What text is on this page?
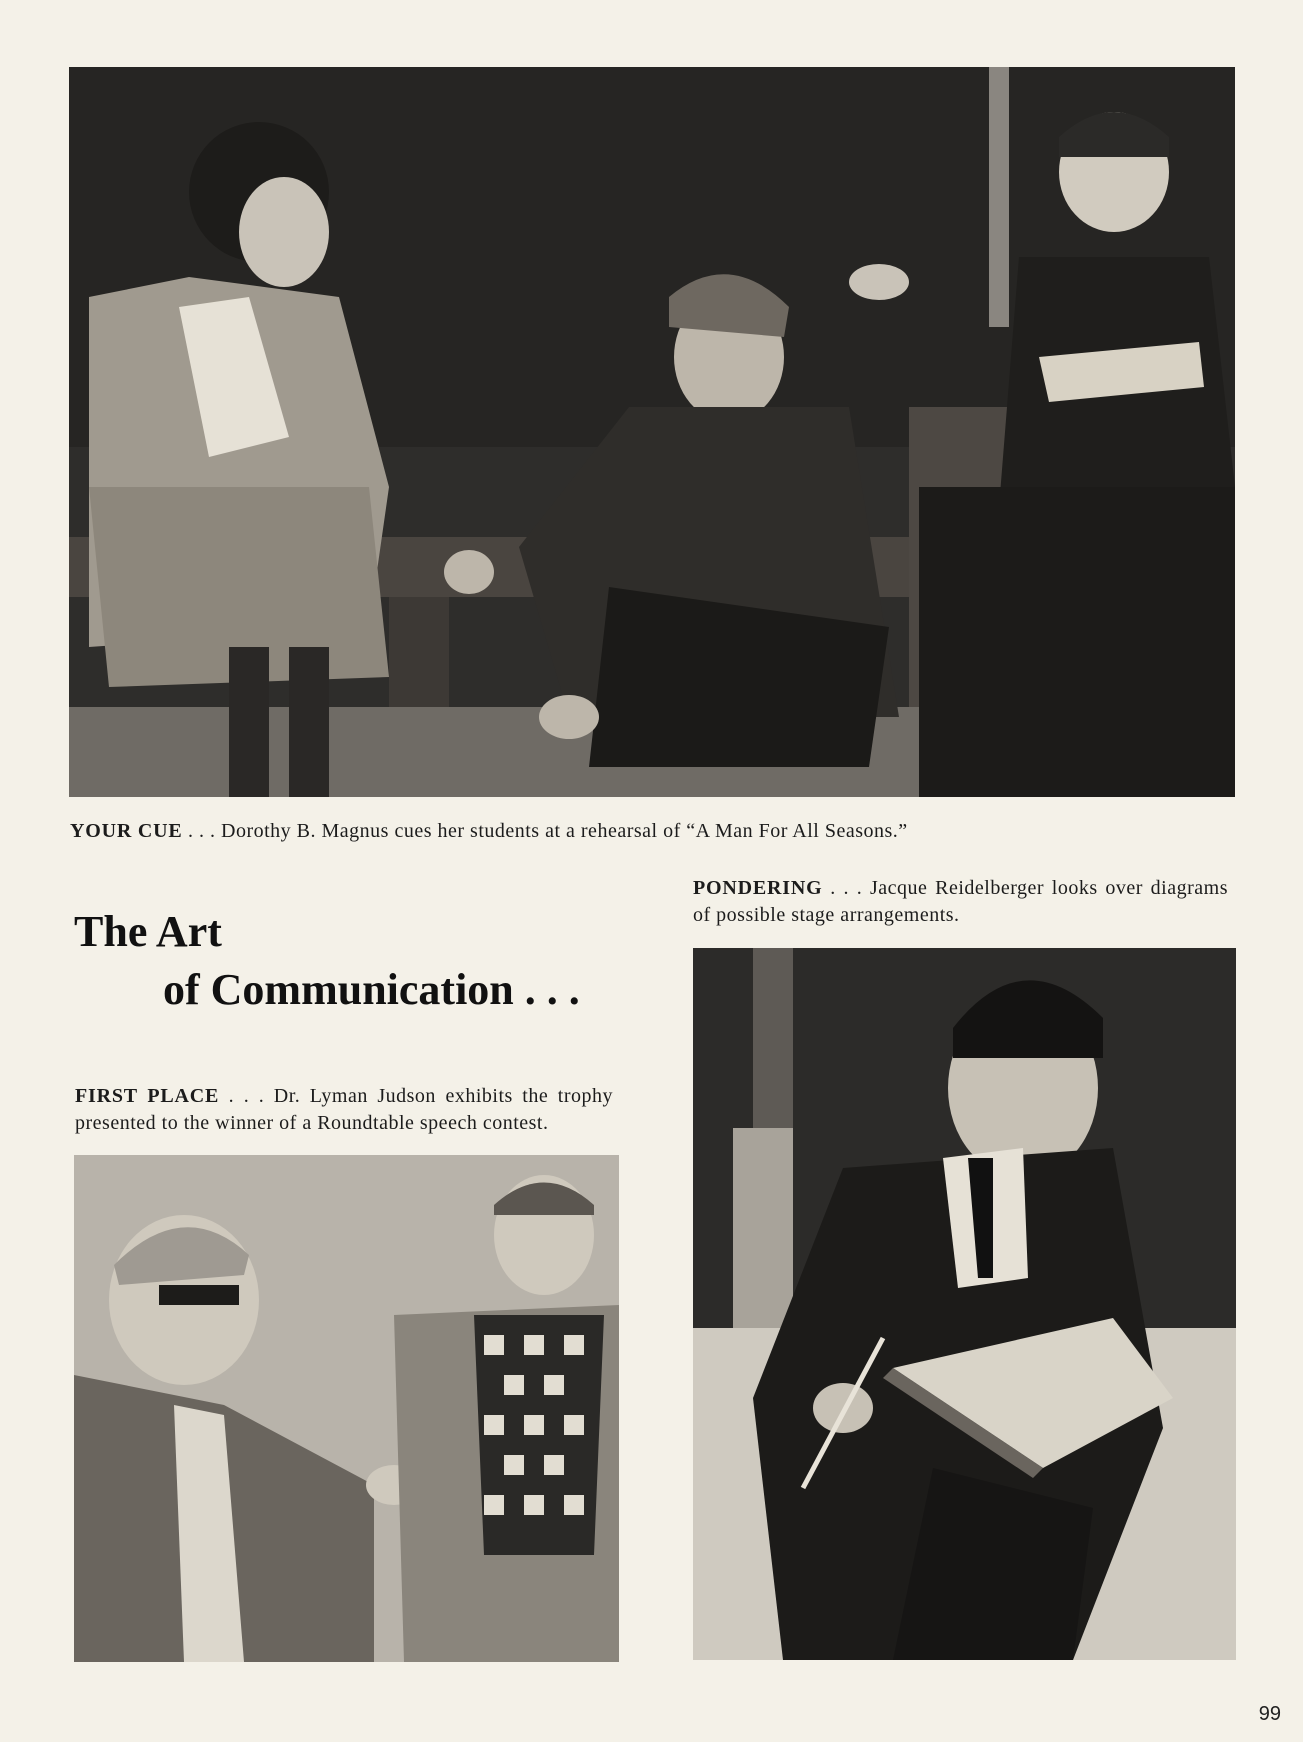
YOUR CUE . . . Dorothy B. Magnus cues her students at a rehearsal of “A Man For All Seasons.”
The Art
of Communication . . .
PONDERING . . . Jacque Reidelberger looks over diagrams of possible stage arrangements.
FIRST PLACE . . . Dr. Lyman Judson exhibits the trophy presented to the winner of a Roundtable speech contest.
99
